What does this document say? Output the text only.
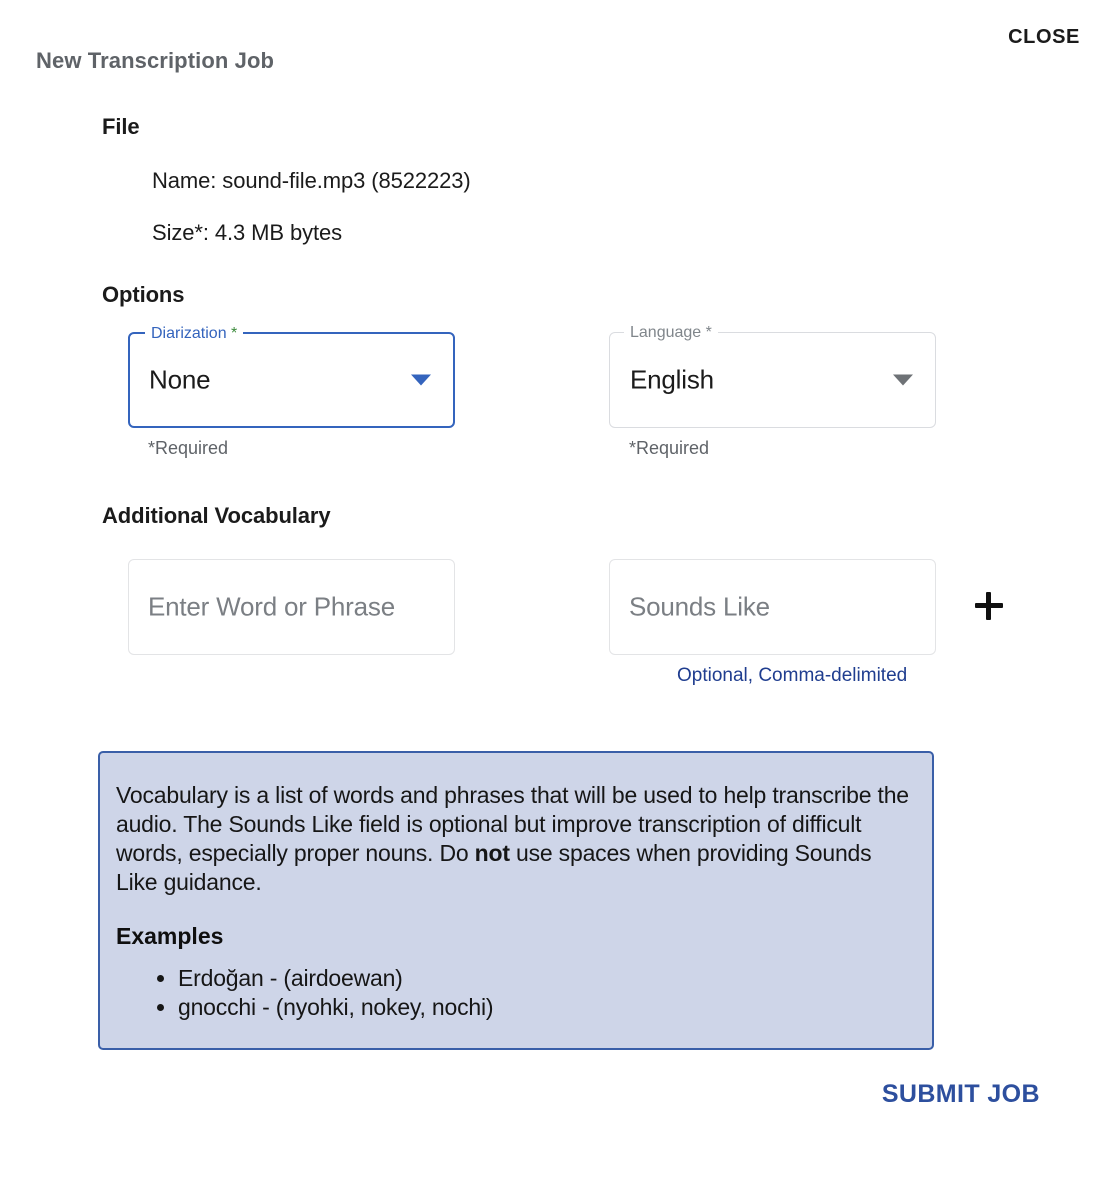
CLOSE
New Transcription Job
File
Name: sound-file.mp3 (8522223)
Size*: 4.3 MB bytes
Options
Diarization *
None
*Required
Language *
English
*Required
Additional Vocabulary
Enter Word or Phrase
Sounds Like
Optional, Comma-delimited

Vocabulary is a list of words and phrases that will be used to help transcribe the audio. The Sounds Like field is optional but improve transcription of difficult words, especially proper nouns. Do not use spaces when providing Sounds Like guidance.

Examples
• Erdoğan - (airdoewan)
• gnocchi - (nyohki, nokey, nochi)
SUBMIT JOB
